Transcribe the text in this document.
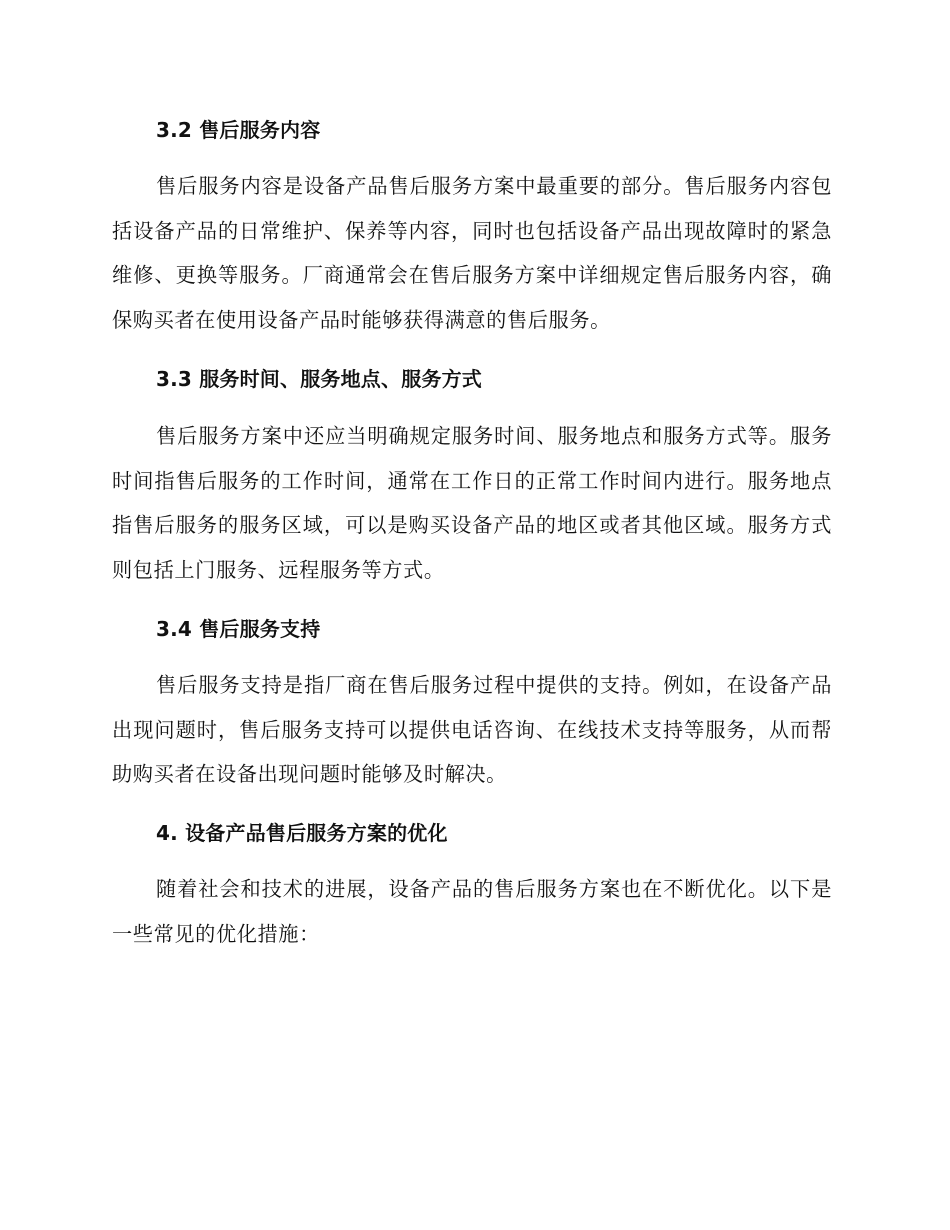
3.2 售后服务内容

售后服务内容是设备产品售后服务方案中最重要的部分。售后服务内容包括设备产品的日常维护、保养等内容，同时也包括设备产品出现故障时的紧急维修、更换等服务。厂商通常会在售后服务方案中详细规定售后服务内容，确保购买者在使用设备产品时能够获得满意的售后服务。

3.3 服务时间、服务地点、服务方式

售后服务方案中还应当明确规定服务时间、服务地点和服务方式等。服务时间指售后服务的工作时间，通常在工作日的正常工作时间内进行。服务地点指售后服务的服务区域，可以是购买设备产品的地区或者其他区域。服务方式则包括上门服务、远程服务等方式。

3.4 售后服务支持

售后服务支持是指厂商在售后服务过程中提供的支持。例如，在设备产品出现问题时，售后服务支持可以提供电话咨询、在线技术支持等服务，从而帮助购买者在设备出现问题时能够及时解决。

4. 设备产品售后服务方案的优化

随着社会和技术的进展，设备产品的售后服务方案也在不断优化。以下是一些常见的优化措施：
